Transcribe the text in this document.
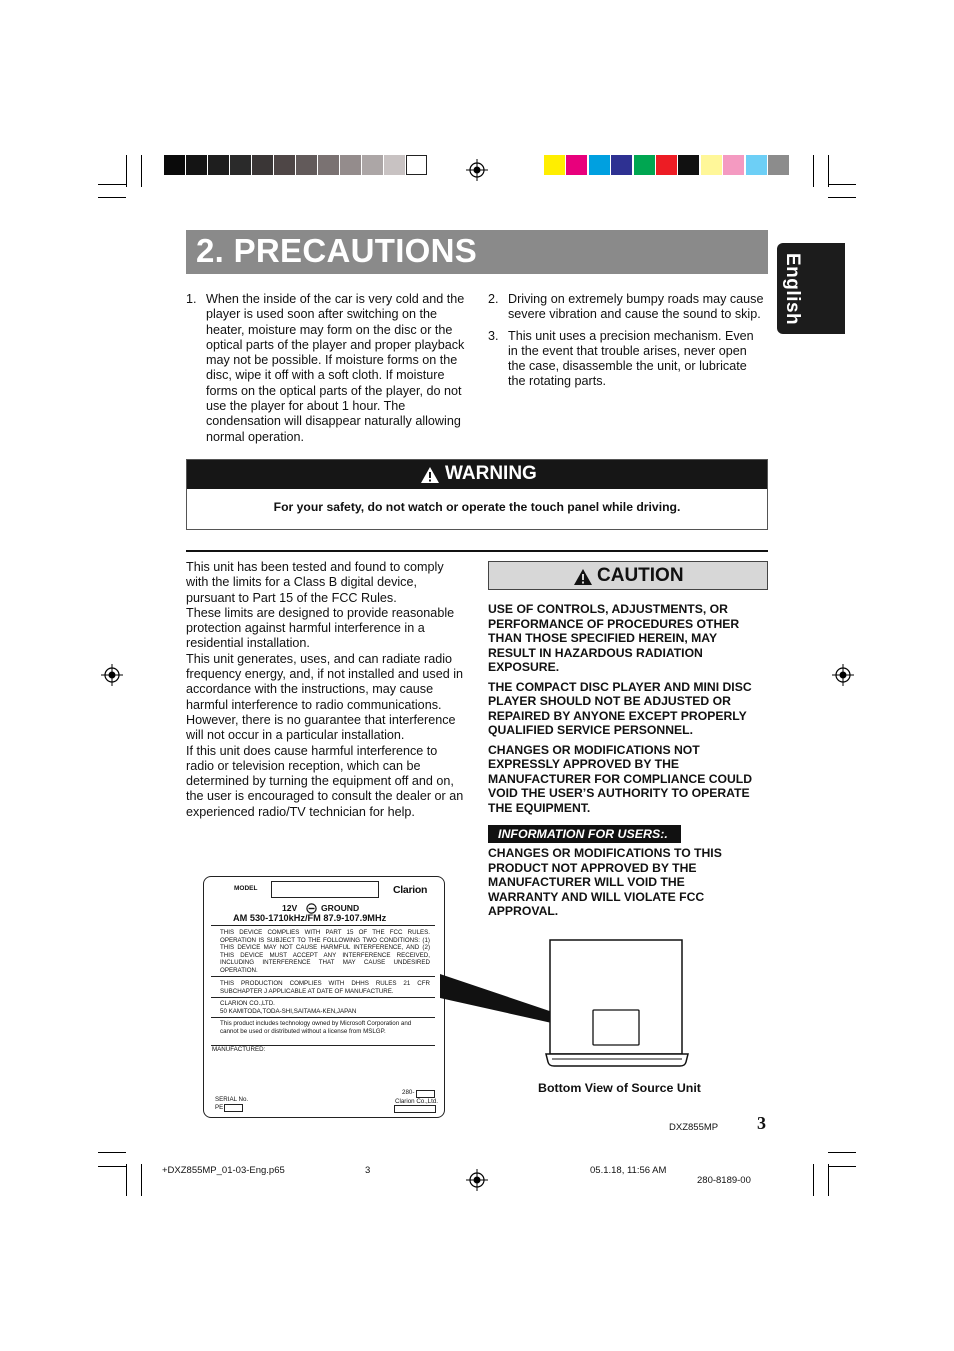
2. PRECAUTIONS
English
1. When the inside of the car is very cold and the player is used soon after switching on the heater, moisture may form on the disc or the optical parts of the player and proper playback may not be possible. If moisture forms on the disc, wipe it off with a soft cloth. If moisture forms on the optical parts of the player, do not use the player for about 1 hour. The condensation will disappear naturally allowing normal operation.
2. Driving on extremely bumpy roads may cause severe vibration and cause the sound to skip.
3. This unit uses a precision mechanism. Even in the event that trouble arises, never open the case, disassemble the unit, or lubricate the rotating parts.
WARNING
For your safety, do not watch or operate the touch panel while driving.
This unit has been tested and found to comply with the limits for a Class B digital device, pursuant to Part 15 of the FCC Rules.
These limits are designed to provide reasonable protection against harmful interference in a residential installation.
This unit generates, uses, and can radiate radio frequency energy, and, if not installed and used in accordance with the instructions, may cause harmful interference to radio communications. However, there is no guarantee that interference will not occur in a particular installation.
If this unit does cause harmful interference to radio or television reception, which can be determined by turning the equipment off and on, the user is encouraged to consult the dealer or an experienced radio/TV technician for help.
CAUTION

USE OF CONTROLS, ADJUSTMENTS, OR PERFORMANCE OF PROCEDURES OTHER THAN THOSE SPECIFIED HEREIN, MAY RESULT IN HAZARDOUS RADIATION EXPOSURE.

THE COMPACT DISC PLAYER AND MINI DISC PLAYER SHOULD NOT BE ADJUSTED OR REPAIRED BY ANYONE EXCEPT PROPERLY QUALIFIED SERVICE PERSONNEL.

CHANGES OR MODIFICATIONS NOT EXPRESSLY APPROVED BY THE MANUFACTURER FOR COMPLIANCE COULD VOID THE USER’S AUTHORITY TO OPERATE THE EQUIPMENT.

INFORMATION FOR USERS:.
CHANGES OR MODIFICATIONS TO THIS PRODUCT NOT APPROVED BY THE MANUFACTURER WILL VOID THE WARRANTY AND WILL VIOLATE FCC APPROVAL.
MODEL	Clarion
12V	GROUND
AM 530-1710kHz/FM 87.9-107.9MHz
THIS DEVICE COMPLIES WITH PART 15 OF THE FCC RULES. OPERATION IS SUBJECT TO THE FOLLOWING TWO CONDITIONS: (1) THIS DEVICE MAY NOT CAUSE HARMFUL INTERFERENCE, AND (2) THIS DEVICE MUST ACCEPT ANY INTERFERENCE RECEIVED, INCLUDING INTERFERENCE THAT MAY CAUSE UNDESIRED OPERATION.
THIS PRODUCTION COMPLIES WITH DHHS RULES 21 CFR SUBCHAPTER J APPLICABLE AT DATE OF MANUFACTURE.
CLARION CO.,LTD.
50 KAMITODA,TODA-SHI,SAITAMA-KEN,JAPAN
This product includes technology owned by Microsoft Corporation and cannot be used or distributed without a license from MSLGP.
MANUFACTURED:
SERIAL No.
PE
280-
Clarion Co.,Ltd.
Bottom View of Source Unit
DXZ855MP 3
+DXZ855MP_01-03-Eng.p65	3	05.1.18, 11:56 AM
280-8189-00
